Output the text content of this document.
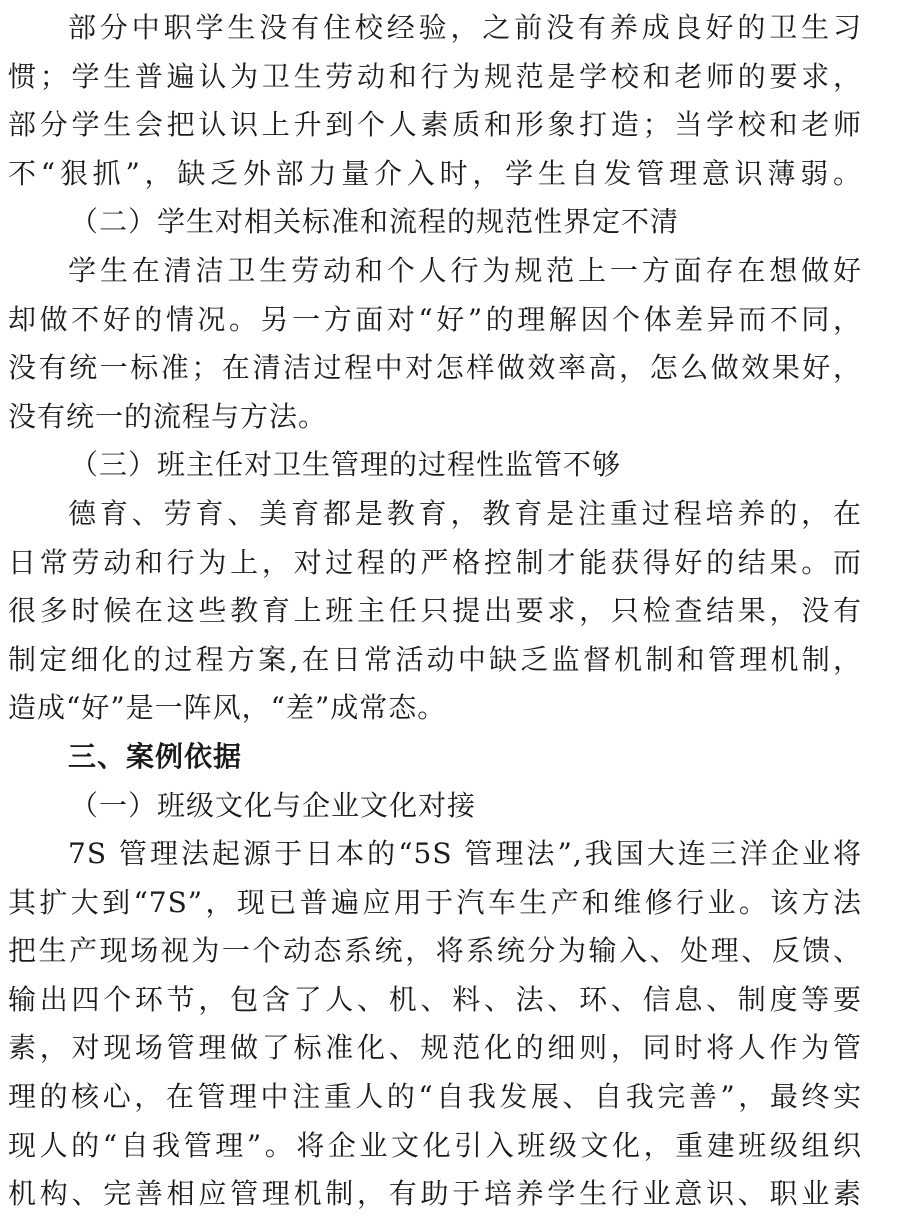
部分中职学生没有住校经验，之前没有养成良好的卫生习
惯；学生普遍认为卫生劳动和行为规范是学校和老师的要求，
部分学生会把认识上升到个人素质和形象打造；当学校和老师
不“狠抓”，缺乏外部力量介入时，学生自发管理意识薄弱。
（二）学生对相关标准和流程的规范性界定不清
学生在清洁卫生劳动和个人行为规范上一方面存在想做好
却做不好的情况。另一方面对“好”的理解因个体差异而不同，
没有统一标准；在清洁过程中对怎样做效率高，怎么做效果好，
没有统一的流程与方法。
（三）班主任对卫生管理的过程性监管不够
德育、劳育、美育都是教育，教育是注重过程培养的，在
日常劳动和行为上，对过程的严格控制才能获得好的结果。而
很多时候在这些教育上班主任只提出要求，只检查结果，没有
制定细化的过程方案,在日常活动中缺乏监督机制和管理机制，
造成“好”是一阵风，“差”成常态。
三、案例依据
（一）班级文化与企业文化对接
7S 管理法起源于日本的“5S 管理法”,我国大连三洋企业将
其扩大到“7S”，现已普遍应用于汽车生产和维修行业。该方法
把生产现场视为一个动态系统，将系统分为输入、处理、反馈、
输出四个环节，包含了人、机、料、法、环、信息、制度等要
素，对现场管理做了标准化、规范化的细则，同时将人作为管
理的核心，在管理中注重人的“自我发展、自我完善”，最终实
现人的“自我管理”。将企业文化引入班级文化，重建班级组织
机构、完善相应管理机制，有助于培养学生行业意识、职业素
